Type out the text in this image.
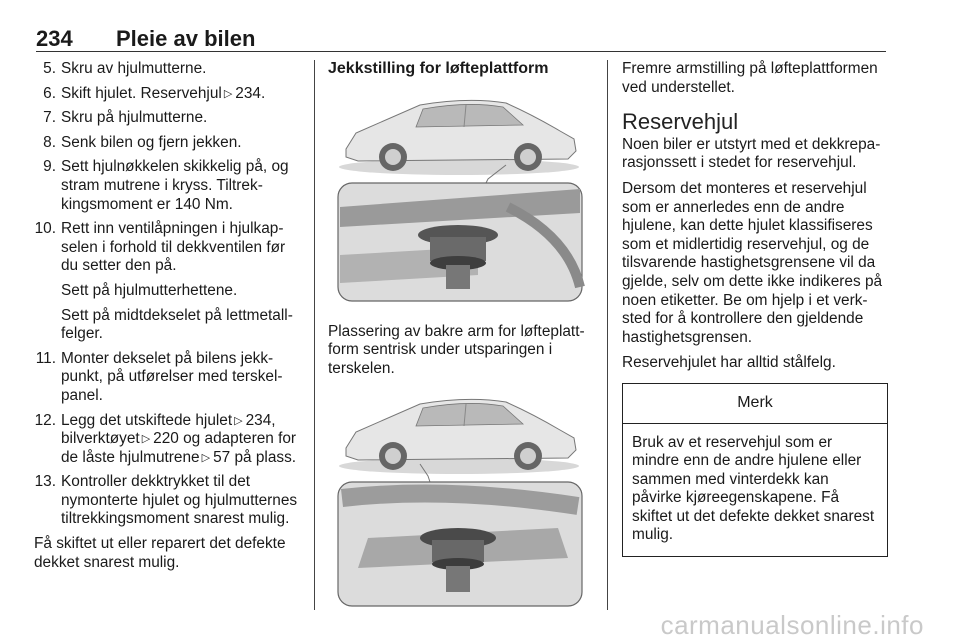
234 Pleie av bilen
5. Skru av hjulmutterne.
6. Skift hjulet. Reservehjul ▷ 234.
7. Skru på hjulmutterne.
8. Senk bilen og fjern jekken.
9. Sett hjulnøkkelen skikkelig på, og stram mutrene i kryss. Tiltrekkingsmoment er 140 Nm.
10. Rett inn ventilåpningen i hjulkapselen i forhold til dekkventilen før du setter den på.
Sett på hjulmutterhettene.
Sett på midtdekselet på lettmetallfelger.
11. Monter dekselet på bilens jekkpunkt, på utførelser med terskelpanel.
12. Legg det utskiftede hjulet ▷ 234, bilverktøyet ▷ 220 og adapteren for de låste hjulmutrene ▷ 57 på plass.
13. Kontroller dekktrykket til det nymonterte hjulet og hjulmutternes tiltrekkingsmoment snarest mulig.

Få skiftet ut eller reparert det defekte dekket snarest mulig.

Jekkstilling for løfteplattform

Plassering av bakre arm for løfteplattform sentrisk under utsparingen i terskelen.

Fremre armstilling på løfteplattformen ved understellet.

Reservehjul

Noen biler er utstyrt med et dekkreparasjonssett i stedet for reservehjul.

Dersom det monteres et reservehjul som er annerledes enn de andre hjulene, kan dette hjulet klassifiseres som et midlertidig reservehjul, og de tilsvarende hastighetsgrensene vil da gjelde, selv om dette ikke indikeres på noen etiketter. Be om hjelp i et verksted for å kontrollere den gjeldende hastighetsgrensen.

Reservehjulet har alltid stålfelg.

Merk
Bruk av et reservehjul som er mindre enn de andre hjulene eller sammen med vinterdekk kan påvirke kjøreegenskapene. Få skiftet ut det defekte dekket snarest mulig.
carmanualsonline.info
